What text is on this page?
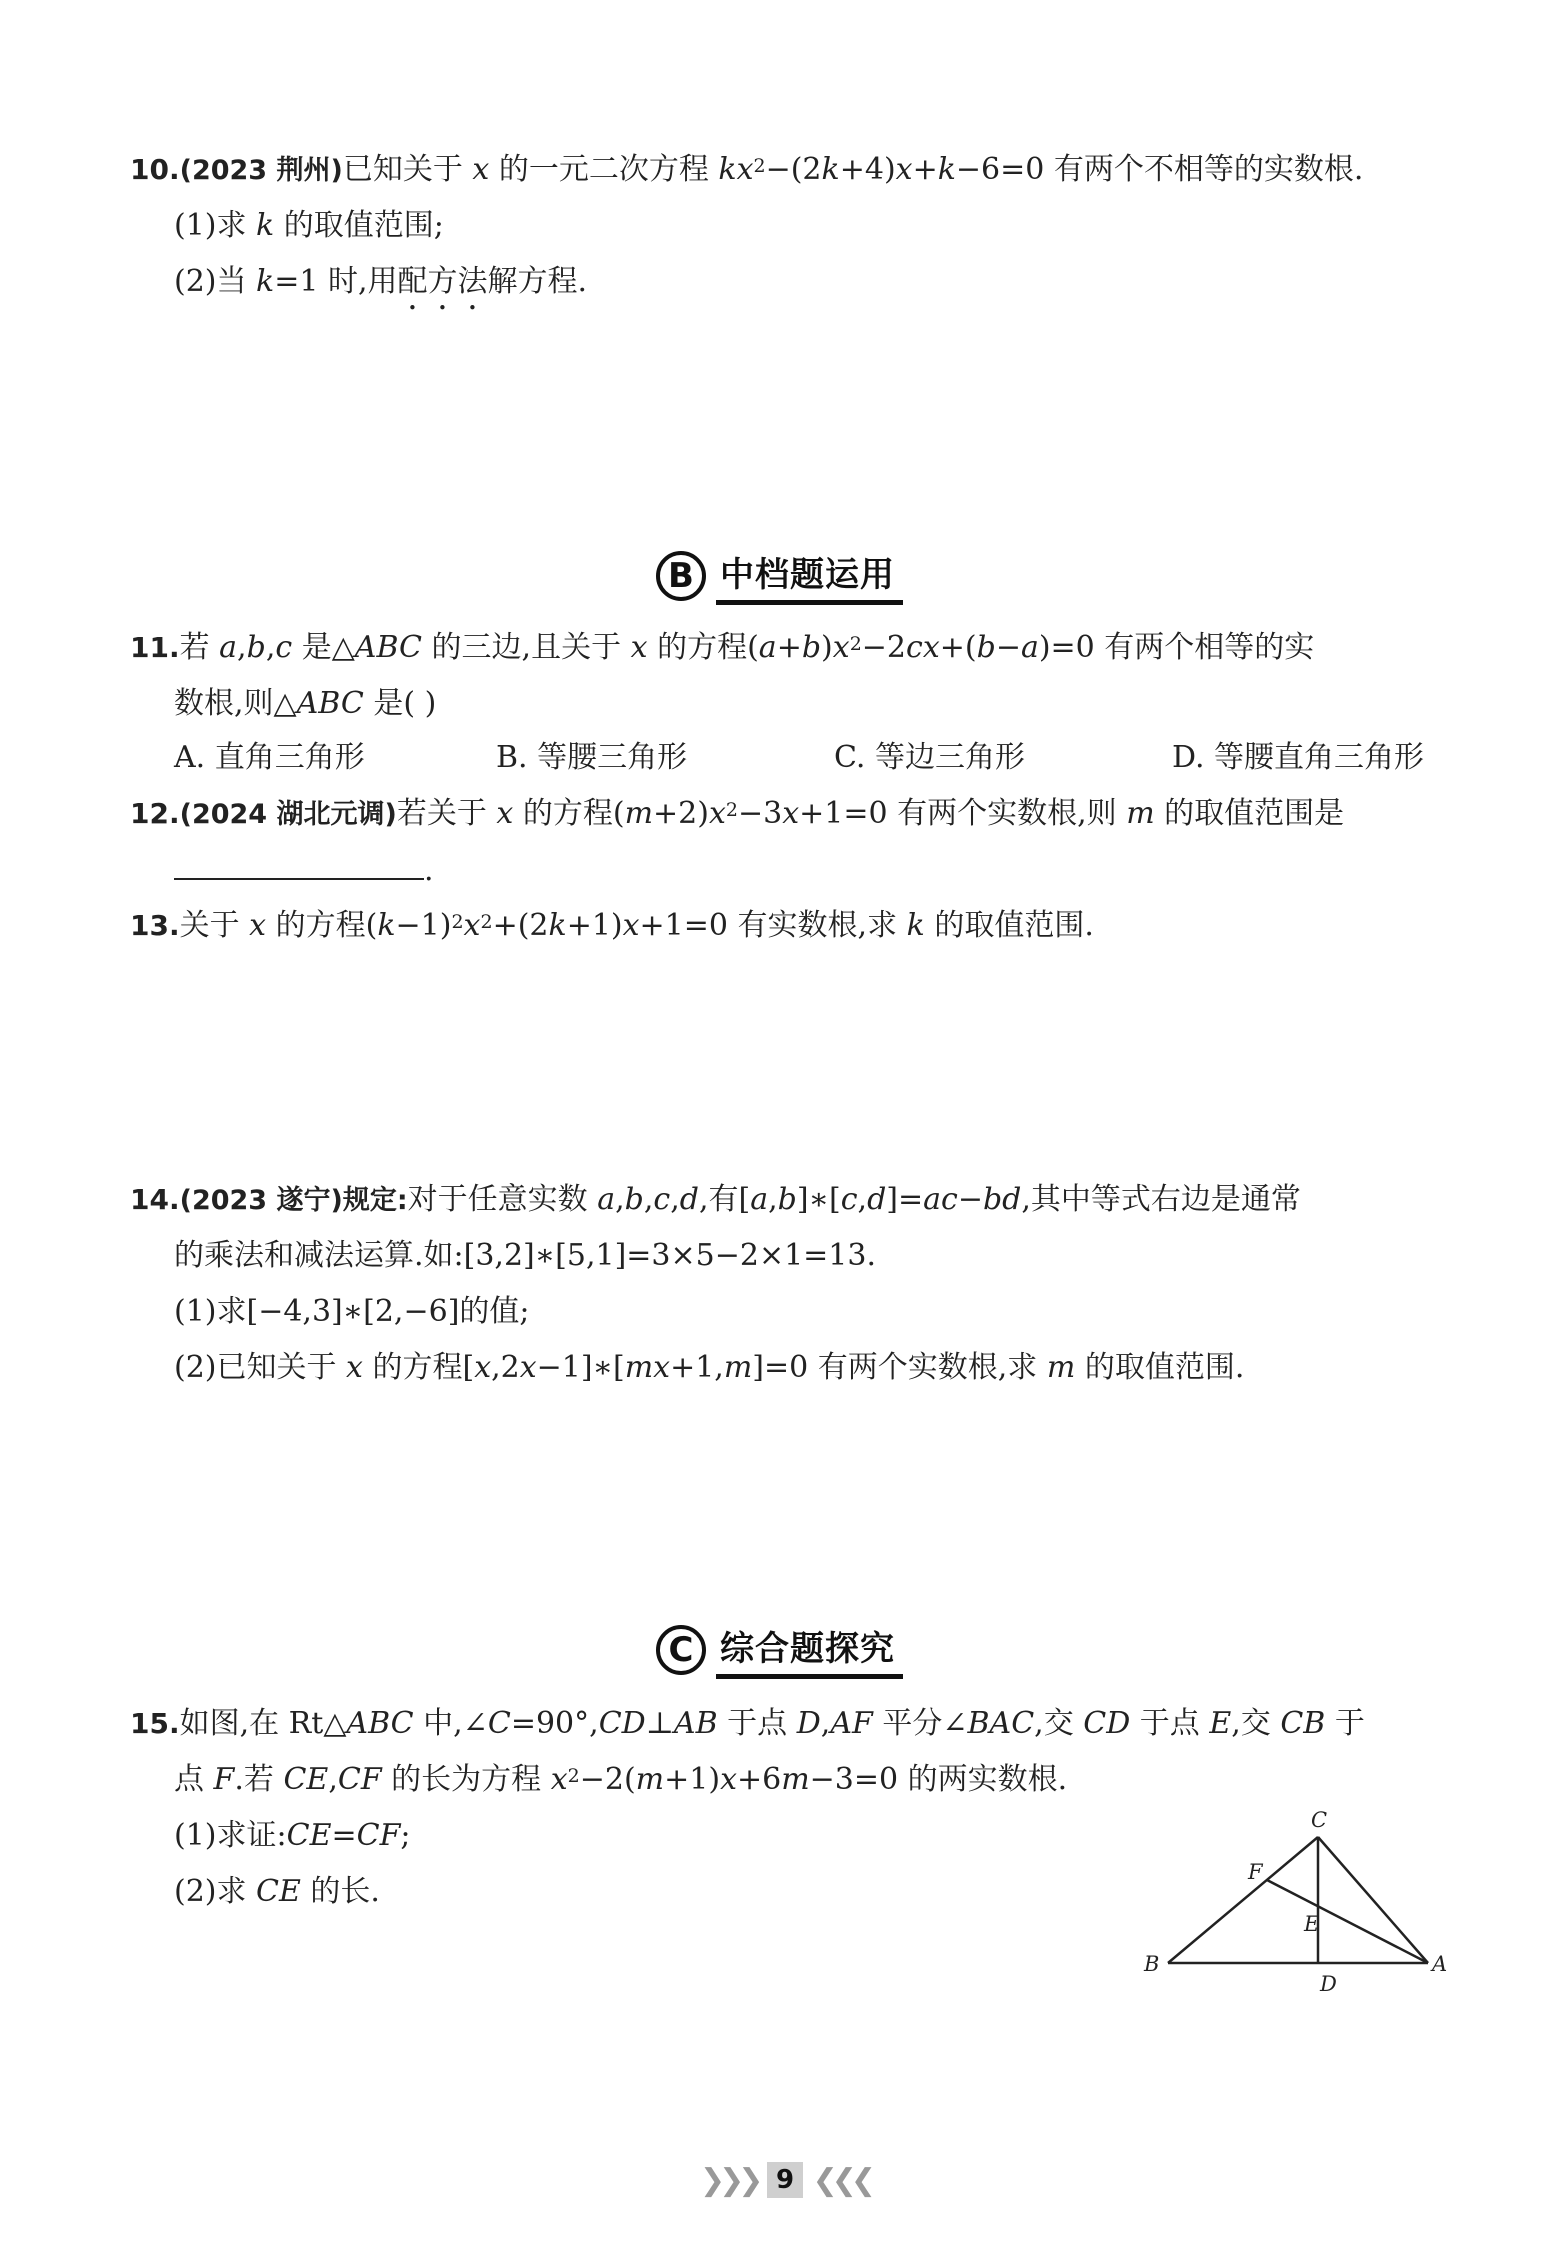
10.(2023 荆州)已知关于 x 的一元二次方程 $kx^2-(2k+4)x+k-6=0$ 有两个不相等的实数根.
(1)求 k 的取值范围;
(2)当 k=1 时,用配方法解方程.
B 中档题运用
11.若 a,b,c 是△ABC 的三边,且关于 x 的方程$(a+b)x^2-2cx+(b-a)=0$ 有两个相等的实
数根,则△ABC 是( )
A. 直角三角形	B. 等腰三角形	C. 等边三角形	D. 等腰直角三角形
12.(2024 湖北元调)若关于 x 的方程$(m+2)x^2-3x+1=0$ 有两个实数根,则 m 的取值范围是
.
13.关于 x 的方程$(k-1)^2x^2+(2k+1)x+1=0$ 有实数根,求 k 的取值范围.
14.(2023 遂宁)规定:对于任意实数 a,b,c,d,有[a,b]∗[c,d]=ac−bd,其中等式右边是通常
的乘法和减法运算.如:[3,2]∗[5,1]=3×5−2×1=13.
(1)求[−4,3]∗[2,−6]的值;
(2)已知关于 x 的方程[x,2x−1]∗[mx+1,m]=0 有两个实数根,求 m 的取值范围.
C 综合题探究
15.如图,在 Rt△ABC 中,∠C=90°,CD⊥AB 于点 D,AF 平分∠BAC,交 CD 于点 E,交 CB 于
点 F.若 CE,CF 的长为方程 $x^2-2(m+1)x+6m-3=0$ 的两实数根.
(1)求证:CE=CF;
(2)求 CE 的长.
C
F
E
B	A
D
❯❯❯ 9 ❮❮❮
